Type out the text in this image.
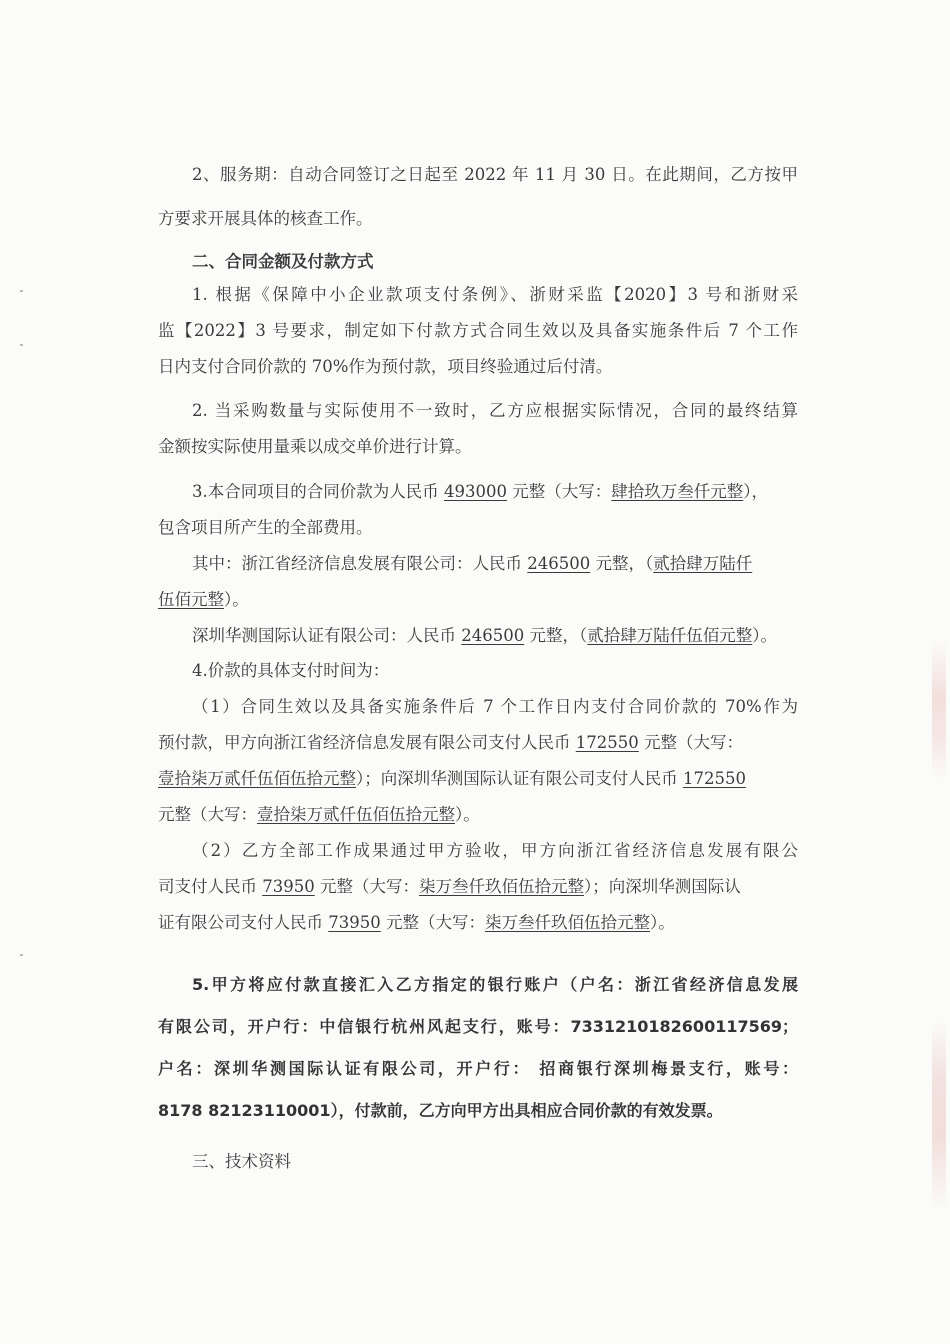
2、服务期：自动合同签订之日起至 2022 年 11 月 30 日。在此期间，乙方按甲
方要求开展具体的核查工作。
二、合同金额及付款方式
1. 根据《保障中小企业款项支付条例》、浙财采监【2020】3 号和浙财采
监【2022】3 号要求，制定如下付款方式合同生效以及具备实施条件后 7 个工作
日内支付合同价款的 70%作为预付款，项目终验通过后付清。
2. 当采购数量与实际使用不一致时，乙方应根据实际情况，合同的最终结算
金额按实际使用量乘以成交单价进行计算。
3.本合同项目的合同价款为人民币 493000 元整（大写：肆拾玖万叁仟元整），
包含项目所产生的全部费用。
其中：浙江省经济信息发展有限公司：人民币 246500 元整，（贰拾肆万陆仟
伍佰元整）。
深圳华测国际认证有限公司：人民币 246500 元整，（贰拾肆万陆仟伍佰元整）。
4.价款的具体支付时间为：
（1）合同生效以及具备实施条件后 7 个工作日内支付合同价款的 70%作为
预付款，甲方向浙江省经济信息发展有限公司支付人民币 172550 元整（大写：
壹拾柒万贰仟伍佰伍拾元整）；向深圳华测国际认证有限公司支付人民币 172550
元整（大写：壹拾柒万贰仟伍佰伍拾元整）。
（2）乙方全部工作成果通过甲方验收，甲方向浙江省经济信息发展有限公
司支付人民币 73950 元整（大写：柒万叁仟玖佰伍拾元整）；向深圳华测国际认
证有限公司支付人民币 73950 元整（大写：柒万叁仟玖佰伍拾元整）。
5.甲方将应付款直接汇入乙方指定的银行账户（户名：浙江省经济信息发展
有限公司，开户行：中信银行杭州风起支行，账号：7331210182600117569；
户名：深圳华测国际认证有限公司，开户行： 招商银行深圳梅景支行，账号：
8178 82123110001），付款前，乙方向甲方出具相应合同价款的有效发票。
三、技术资料
